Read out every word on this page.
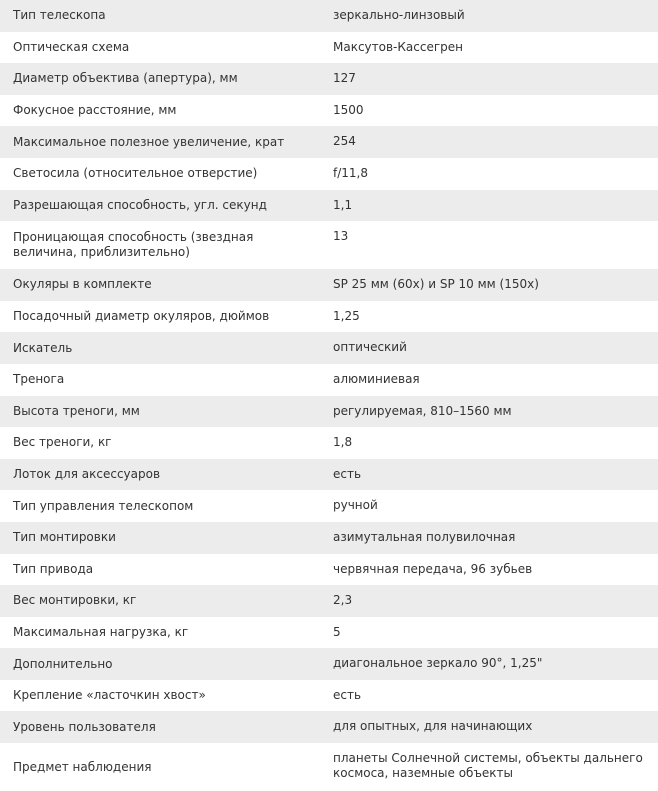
Тип телескопа	зеркально-линзовый
Оптическая схема	Максутов-Кассегрен
Диаметр объектива (апертура), мм	127
Фокусное расстояние, мм	1500
Максимальное полезное увеличение, крат	254
Светосила (относительное отверстие)	f/11,8
Разрешающая способность, угл. секунд	1,1
Проницающая способность (звездная величина, приблизительно)	13
Окуляры в комплекте	SP 25 мм (60x) и SP 10 мм (150x)
Посадочный диаметр окуляров, дюймов	1,25
Искатель	оптический
Тренога	алюминиевая
Высота треноги, мм	регулируемая, 810–1560 мм
Вес треноги, кг	1,8
Лоток для аксессуаров	есть
Тип управления телескопом	ручной
Тип монтировки	азимутальная полувилочная
Тип привода	червячная передача, 96 зубьев
Вес монтировки, кг	2,3
Максимальная нагрузка, кг	5
Дополнительно	диагональное зеркало 90°, 1,25"
Крепление «ласточкин хвост»	есть
Уровень пользователя	для опытных, для начинающих
Предмет наблюдения	планеты Солнечной системы, объекты дальнего космоса, наземные объекты
